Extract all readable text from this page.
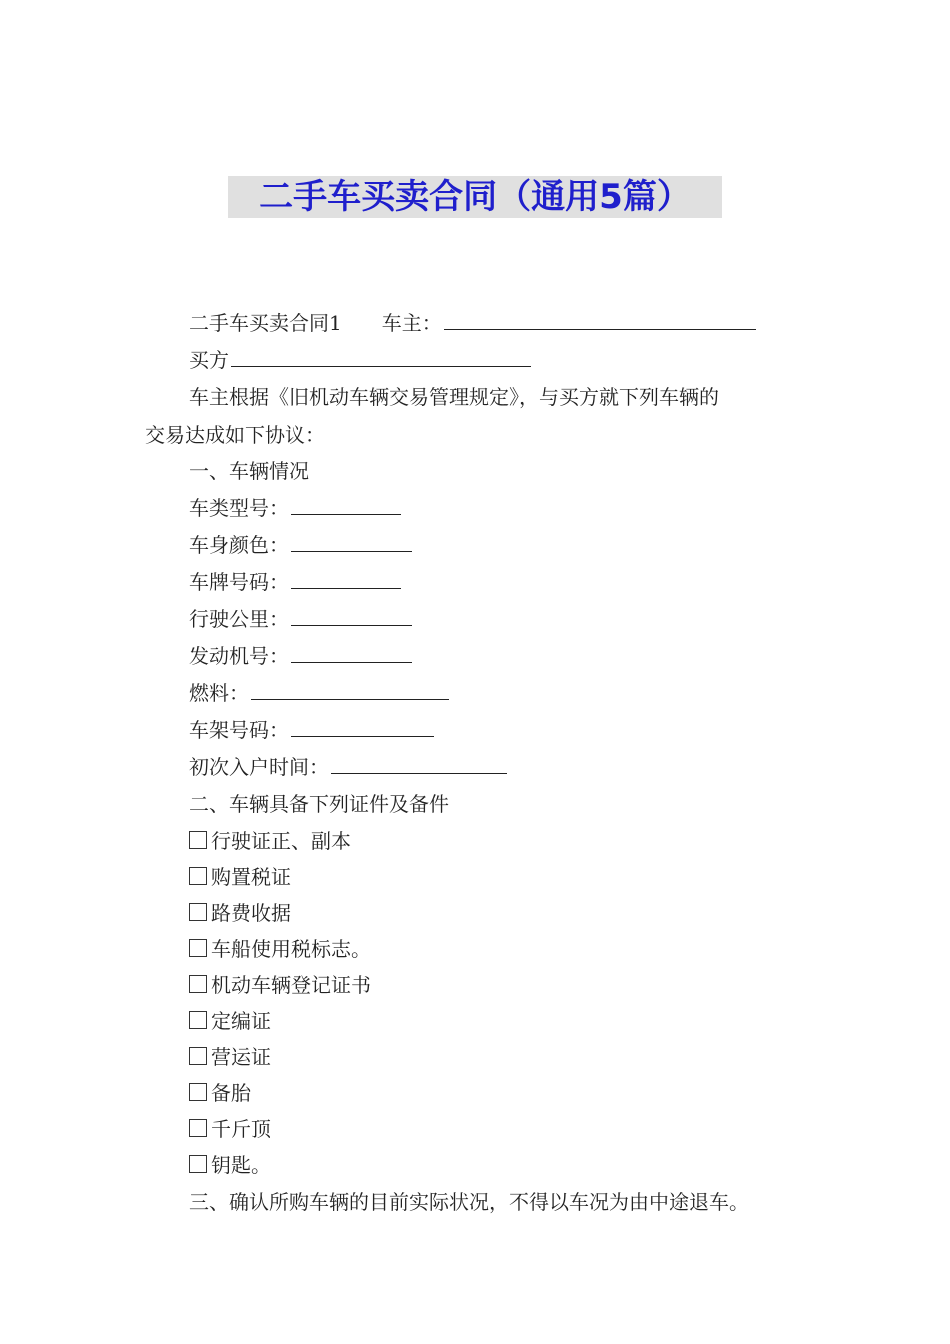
二手车买卖合同（通用5篇）
二手车买卖合同1 车主：
买方
车主根据《旧机动车辆交易管理规定》，与买方就下列车辆的
交易达成如下协议：
一、车辆情况
车类型号：
车身颜色：
车牌号码：
行驶公里：
发动机号：
燃料：
车架号码：
初次入户时间：
二、车辆具备下列证件及备件
行驶证正、副本
购置税证
路费收据
车船使用税标志。
机动车辆登记证书
定编证
营运证
备胎
千斤顶
钥匙。
三、确认所购车辆的目前实际状况，不得以车况为由中途退车。
